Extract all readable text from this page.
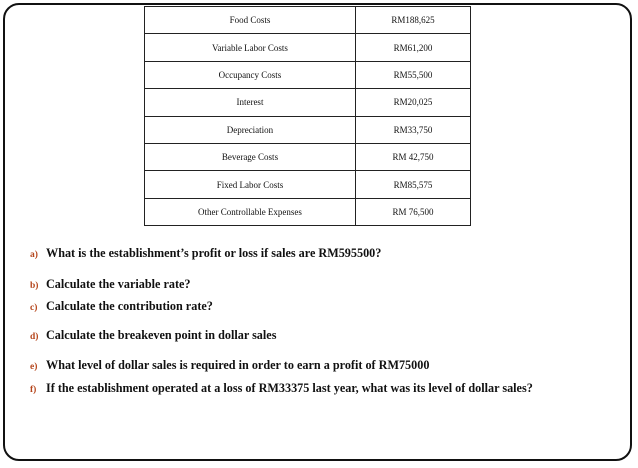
Food Costs	RM188,625
Variable Labor Costs	RM61,200
Occupancy Costs	RM55,500
Interest	RM20,025
Depreciation	RM33,750
Beverage Costs	RM 42,750
Fixed Labor Costs	RM85,575
Other Controllable Expenses	RM 76,500
a) What is the establishment’s profit or loss if sales are RM595500?
b) Calculate the variable rate?
c) Calculate the contribution rate?
d) Calculate the breakeven point in dollar sales
e) What level of dollar sales is required in order to earn a profit of RM75000
f) If the establishment operated at a loss of RM33375 last year, what was its level of dollar sales?
